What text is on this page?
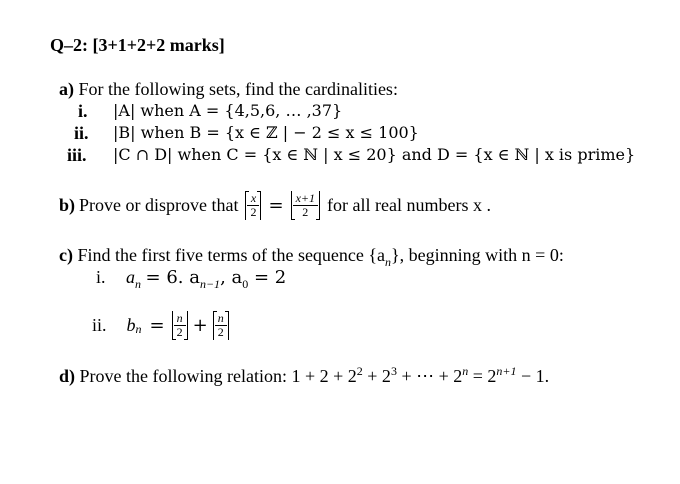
Q–2: [3+1+2+2 marks]
a) For the following sets, find the cardinalities:
i. |A| when A = {4,5,6, … ,37}
ii. |B| when B = {x ∈ ℤ | − 2 ≤ x ≤ 100}
iii. |C ∩ D| when C = {x ∈ ℕ | x ≤ 20} and D = {x ∈ ℕ | x is prime}
b) Prove or disprove that $\frac{x}{2} = \frac{x+1}{2}$ for all real numbers x .
c) Find the first five terms of the sequence $\{a_n\}$, beginning with n = 0:
i. $a_n = 6$. $a_{n-1}$, $a_0 = 2$
ii. b $n = \frac{n}{2} + \frac{n}{2}$
d) Prove the following relation: $1 + 2 + 2^2 + 2^3$ + ⋯ + $2^n = 2^{n+1} - 1$.
